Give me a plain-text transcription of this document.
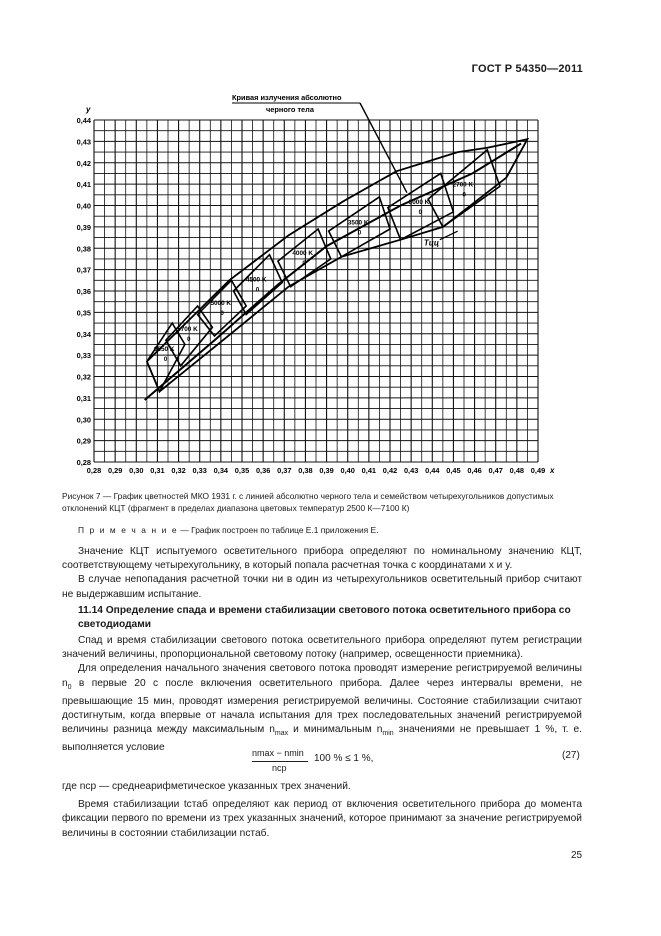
ГОСТ Р 54350—2011
0,28 0,29 0,30 0,31 0,32 0,33 0,34 0,35 0,36 0,37 0,38 0,39 0,40 0,41 0,42 0,43 0,44 0,45 0,46 0,47 0,48 0,49
0,28
0,29
0,30
0,31
0,32
0,33
0,34
0,35
0,36
0,37
0,38
0,39
0,40
0,41
0,42
0,43
0,44
x
y
6550 K
0
5700 K
0
5000 K
0
4500 K
0
4000 K
0
3500 K
0
3000 K
0
2700 K
0
Кривая излучения абсолютно
черного тела
Тцц
Рисунок 7 — График цветностей МКО 1931 г. с линией абсолютно черного тела и семейством четырехугольников допустимых отклонений КЦТ (фрагмент в пределах диапазона цветовых температур 2500 К—7100 К)
П р и м е ч а н и е — График построен по таблице Е.1 приложения Е.

Значение КЦТ испытуемого осветительного прибора определяют по номинальному значению КЦТ, соответствующему четырехугольнику, в который попала расчетная точка с координатами x и y.

В случае непопадания расчетной точки ни в один из четырехугольников осветительный прибор считают не выдержавшим испытание.

11.14 Определение спада и времени стабилизации светового потока осветительного прибора со светодиодами

Спад и время стабилизации светового потока осветительного прибора определяют путем регистрации значений величины, пропорциональной световому потоку (например, освещенности приемника).

Для определения начального значения светового потока проводят измерение регистрируемой величины $n_0$ в первые 20 с после включения осветительного прибора. Далее через интервалы времени, не превышающие 15 мин, проводят измерения регистрируемой величины. Состояние стабилизации считают достигнутым, когда впервые от начала испытания для трех последовательных значений регистрируемой величины разница между максимальным $n_{max}$ и минимальным $n_{min}$ значениями не превышает 1 %, т. е. выполняется условие	nmax − nmin
nср
100 % ≤ 1 %,	(27)

где nср — среднеарифметическое указанных трех значений.

Время стабилизации tстаб определяют как период от включения осветительного прибора до момента фиксации первого по времени из трех указанных значений, которое принимают за значение регистрируемой величины в состоянии стабилизации nстаб.

25
